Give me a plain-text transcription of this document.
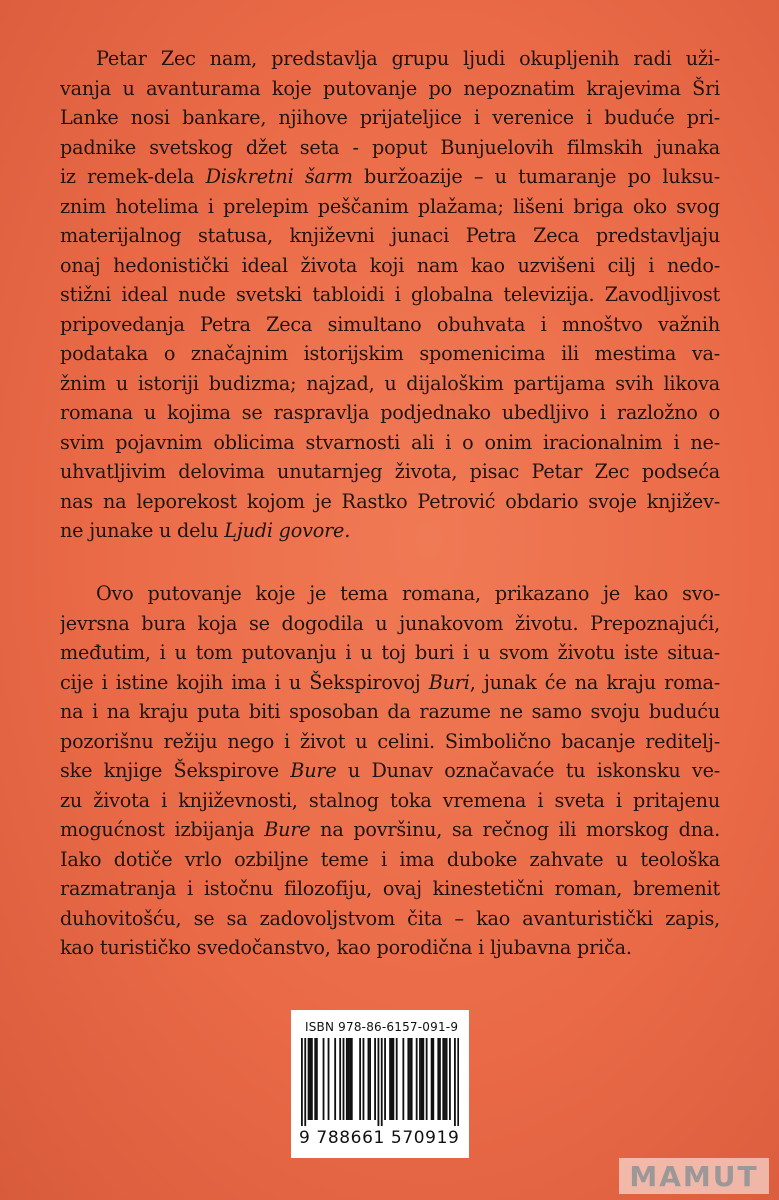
Petar Zec nam, predstavlja grupu ljudi okupljenih radi uži-
vanja u avanturama koje putovanje po nepoznatim krajevima Šri
Lanke nosi bankare, njihove prijateljice i verenice i buduće pri-
padnike svetskog džet seta - poput Bunjuelovih filmskih junaka
iz remek-dela Diskretni šarm buržoazije – u tumaranje po luksu-
znim hotelima i prelepim peščanim plažama; lišeni briga oko svog
materijalnog statusa, književni junaci Petra Zeca predstavljaju
onaj hedonistički ideal života koji nam kao uzvišeni cilj i nedo-
stižni ideal nude svetski tabloidi i globalna televizija. Zavodljivost
pripovedanja Petra Zeca simultano obuhvata i mnoštvo važnih
podataka o značajnim istorijskim spomenicima ili mestima va-
žnim u istoriji budizma; najzad, u dijaloškim partijama svih likova
romana u kojima se raspravlja podjednako ubedljivo i razložno o
svim pojavnim oblicima stvarnosti ali i o onim iracionalnim i ne-
uhvatljivim delovima unutarnjeg života, pisac Petar Zec podseća
nas na leporekost kojom je Rastko Petrović obdario svoje književ-
ne junake u delu Ljudi govore.
Ovo putovanje koje je tema romana, prikazano je kao svo-
jevrsna bura koja se dogodila u junakovom životu. Prepoznajući,
međutim, i u tom putovanju i u toj buri i u svom životu iste situa-
cije i istine kojih ima i u Šekspirovoj Buri, junak će na kraju roma-
na i na kraju puta biti sposoban da razume ne samo svoju buduću
pozorišnu režiju nego i život u celini. Simbolično bacanje reditelj-
ske knjige Šekspirove Bure u Dunav označavaće tu iskonsku ve-
zu života i književnosti, stalnog toka vremena i sveta i pritajenu
mogućnost izbijanja Bure na površinu, sa rečnog ili morskog dna.
Iako dotiče vrlo ozbiljne teme i ima duboke zahvate u teološka
razmatranja i istočnu filozofiju, ovaj kinestetični roman, bremenit
duhovitošću, se sa zadovoljstvom čita – kao avanturistički zapis,
kao turističko svedočanstvo, kao porodična i ljubavna priča.
ISBN 978-86-6157-091-9
9 788661 570919
MAMUT
